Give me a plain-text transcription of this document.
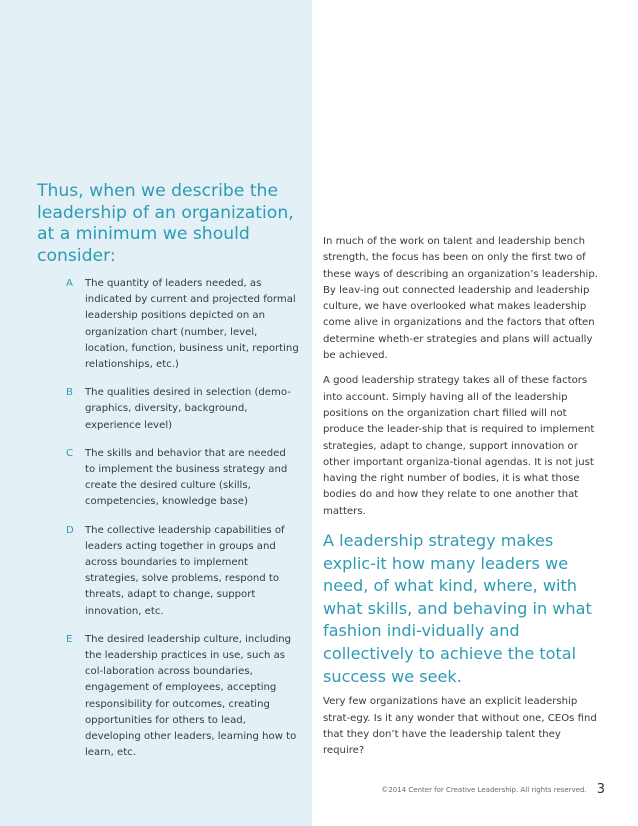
Thus, when we describe the leadership of an organization, at a minimum we should consider:
A The quantity of leaders needed, as indicated by current and projected formal leadership positions depicted on an organization chart (number, level, location, function, business unit, reporting relationships, etc.)
B The qualities desired in selection (demo-graphics, diversity, background, experience level)
C The skills and behavior that are needed to implement the business strategy and create the desired culture (skills, competencies, knowledge base)
D The collective leadership capabilities of leaders acting together in groups and across boundaries to implement strategies, solve problems, respond to threats, adapt to change, support innovation, etc.
E The desired leadership culture, including the leadership practices in use, such as col-laboration across boundaries, engagement of employees, accepting responsibility for outcomes, creating opportunities for others to lead, developing other leaders, learning how to learn, etc.

In much of the work on talent and leadership bench strength, the focus has been on only the first two of these ways of describing an organization’s leadership. By leav-ing out connected leadership and leadership culture, we have overlooked what makes leadership come alive in organizations and the factors that often determine wheth-er strategies and plans will actually be achieved.

A good leadership strategy takes all of these factors into account. Simply having all of the leadership positions on the organization chart filled will not produce the leader-ship that is required to implement strategies, adapt to change, support innovation or other important organiza-tional agendas. It is not just having the right number of bodies, it is what those bodies do and how they relate to one another that matters.

A leadership strategy makes explic-it how many leaders we need, of what kind, where, with what skills, and behaving in what fashion indi-vidually and collectively to achieve the total success we seek.

Very few organizations have an explicit leadership strat-egy. Is it any wonder that without one, CEOs find that they don’t have the leadership talent they require?

©2014 Center for Creative Leadership. All rights reserved. 3
